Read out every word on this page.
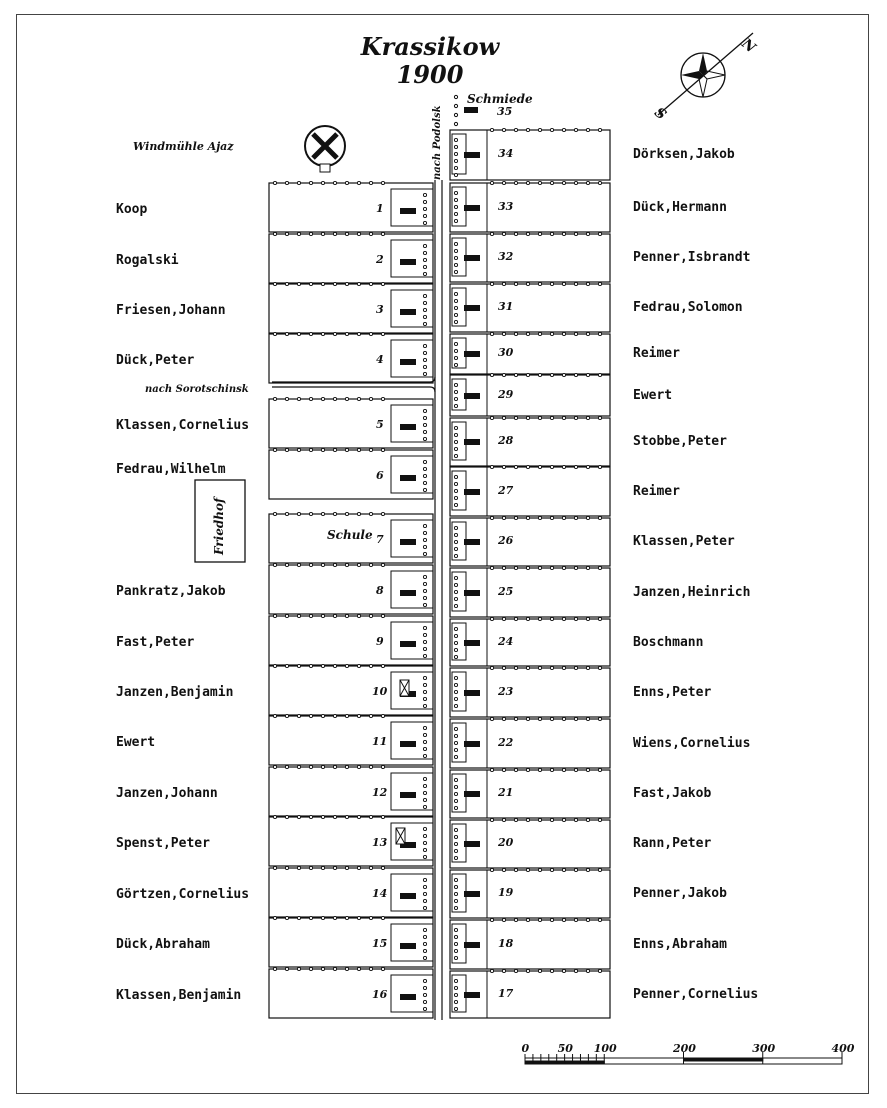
Krassikow
1900
N
S
Schmiede
35
Windmühle Ajaz	nach Podolsk
nach Sorotschinsk
Friedhof	Schule
1
Koop
2
Rogalski
3
Friesen,Johann
4
Dück,Peter
5
Klassen,Cornelius
6
Fedrau,Wilhelm
7
8
Pankratz,Jakob
9
Fast,Peter
10
Janzen,Benjamin
11
Ewert
12
Janzen,Johann
13
Spenst,Peter
14
Görtzen,Cornelius
15
Dück,Abraham
16
Klassen,Benjamin
34	Dörksen,Jakob
33	Dück,Hermann
32	Penner,Isbrandt
31	Fedrau,Solomon
30	Reimer
29	Ewert
28	Stobbe,Peter
27	Reimer
26	Klassen,Peter
25	Janzen,Heinrich
24	Boschmann
23	Enns,Peter
22	Wiens,Cornelius
21	Fast,Jakob
20	Rann,Peter
19	Penner,Jakob
18	Enns,Abraham
17	Penner,Cornelius
0	50 100	200	300	400
